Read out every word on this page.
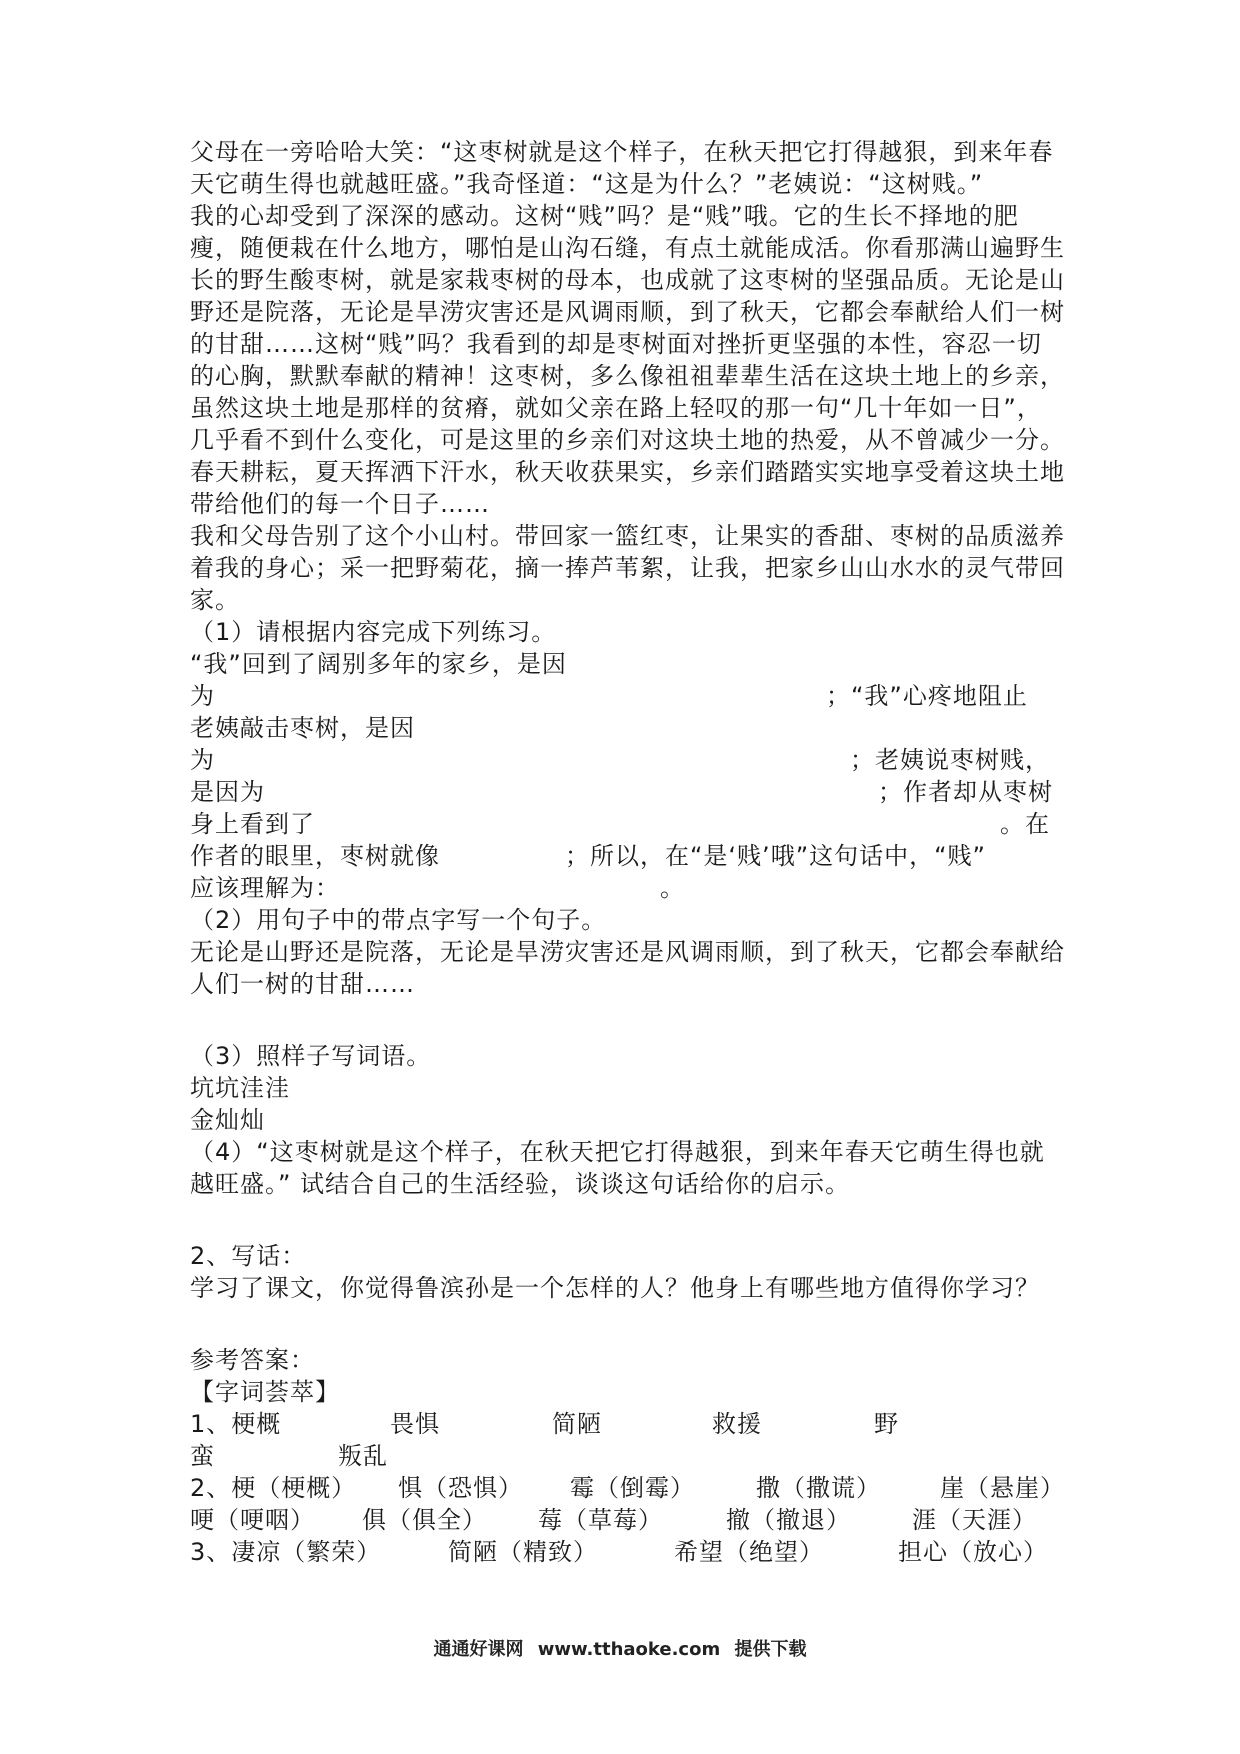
父母在一旁哈哈大笑：“这枣树就是这个样子，在秋天把它打得越狠，到来年春
天它萌生得也就越旺盛。”我奇怪道：“这是为什么？”老姨说：“这树贱。”
我的心却受到了深深的感动。这树“贱”吗？是“贱”哦。它的生长不择地的肥
瘦，随便栽在什么地方，哪怕是山沟石缝，有点土就能成活。你看那满山遍野生
长的野生酸枣树，就是家栽枣树的母本，也成就了这枣树的坚强品质。无论是山
野还是院落，无论是旱涝灾害还是风调雨顺，到了秋天，它都会奉献给人们一树
的甘甜……这树“贱”吗？我看到的却是枣树面对挫折更坚强的本性，容忍一切
的心胸，默默奉献的精神！这枣树，多么像祖祖辈辈生活在这块土地上的乡亲，
虽然这块土地是那样的贫瘠，就如父亲在路上轻叹的那一句“几十年如一日”，
几乎看不到什么变化，可是这里的乡亲们对这块土地的热爱，从不曾减少一分。
春天耕耘，夏天挥洒下汗水，秋天收获果实，乡亲们踏踏实实地享受着这块土地
带给他们的每一个日子……
我和父母告别了这个小山村。带回家一篮红枣，让果实的香甜、枣树的品质滋养
着我的身心；采一把野菊花，摘一捧芦苇絮，让我，把家乡山山水水的灵气带回
家。
（1）请根据内容完成下列练习。
“我”回到了阔别多年的家乡，是因
为	；“我”心疼地阻止
老姨敲击枣树，是因
为	；老姨说枣树贱，
是因为	；作者却从枣树
身上看到了	。在
作者的眼里，枣树就像	；所以，在“是‘贱’哦”这句话中，“贱”
应该理解为：	。
（2）用句子中的带点字写一个句子。
无论是山野还是院落，无论是旱涝灾害还是风调雨顺，到了秋天，它都会奉献给
人们一树的甘甜……
（3）照样子写词语。
坑坑洼洼
金灿灿
（4）“这枣树就是这个样子，在秋天把它打得越狠，到来年春天它萌生得也就
越旺盛。” 试结合自己的生活经验，谈谈这句话给你的启示。
2、写话：
学习了课文，你觉得鲁滨孙是一个怎样的人？他身上有哪些地方值得你学习？
参考答案：
【字词荟萃】
1、梗概	畏惧	简陋	救援	野
蛮	叛乱
2、梗（梗概） 惧（恐惧） 霉（倒霉）	撒（撒谎） 崖（悬崖）
哽（哽咽） 俱（俱全） 莓（草莓）	撤（撤退）	涯（天涯）
3、凄凉（繁荣）	简陋（精致）	希望（绝望）	担心（放心）
通通好课网 www.tthaoke.com 提供下载
